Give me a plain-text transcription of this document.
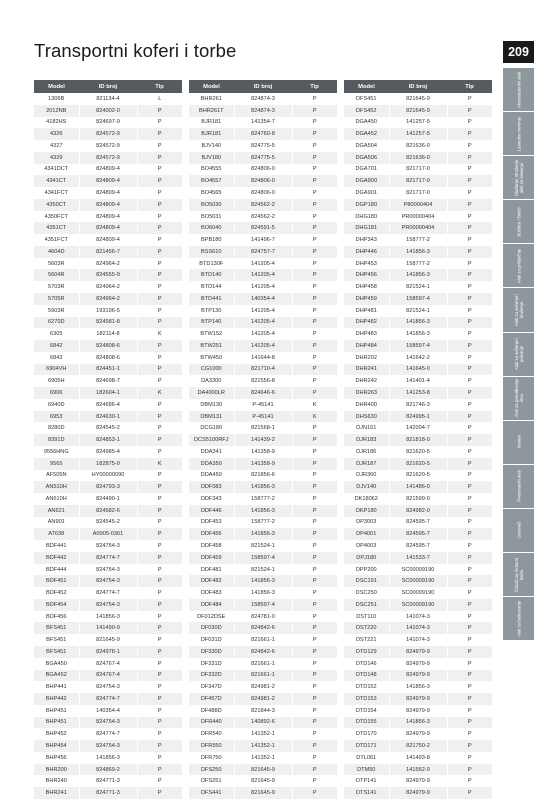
Transportni koferi i torbe	209
Model	ID broj	Tip
1306B	821134-4	L
2012NB	824002-0	P
4182HS	824697-9	P
4326	824572-9	P
4327	824572-9	P
4329	824572-9	P
4341DCT	824809-4	P
4341CT	824809-4	P
4341FCT	824809-4	P
4350CT	824809-4	P
4350FCT	824809-4	P
4351CT	824809-4	P
4351FCT	824809-4	P
4604D	821456-7	P
5603R	824964-2	P
5604R	824555-9	P
5703R	824964-2	P
5705R	824964-2	P
5903R	193196-5	P
6270D	824581-8	P
6305	182114-8	K
6842	824808-6	P
6843	824808-6	P
6904VH	824451-1	P
6905H	824698-7	P
6906	182604-1	K
6940D	824686-4	P
6953	824630-1	P
8280D	824545-2	P
8391D	824853-1	P
9556HNG	824985-4	P
9565	182875-0	K
AF505N	HY00000090	P
AN510H	824793-3	P
AN610H	824490-1	P
AN621	824582-6	P
AN901	824545-2	P
AT638	A0905-0361	P
BDF441	824754-3	P
BDF442	824774-7	P
BDF444	824754-3	P
BDF451	824754-3	P
BDF452	824774-7	P
BDF454	824754-3	P
BDF456	141856-3	P
BFS451	141490-9	P
BFS451	821645-9	P
BFS451	824978-1	P
BGA450	824767-4	P
BGA452	824767-4	P
BHP441	824754-3	P
BHP442	824774-7	P
BHP451	140354-4	P
BHP451	824754-3	P
BHP452	824774-7	P
BHP454	824754-3	P
BHP456	141856-3	P
BHR200	824869-2	P
BHR240	824771-3	P
BHR241	824771-3	P
Model	ID broj	Tip
BHR261	824874-3	P
BHR261T	824874-3	P
BJR181	141354-7	P
BJR181	824760-8	P
BJV140	824775-5	P
BJV180	824775-5	P
BO4555	824806-0	P
BO4557	824806-0	P
BO4565	824806-0	P
BO5030	824562-2	P
BO5031	824562-2	P
BO6040	824591-5	P
BPB180	141496-7	P
BSS610	824757-7	P
BTD130F	141205-4	P
BTD140	141205-4	P
BTD144	141205-4	P
BTD441	140354-4	P
BTP130	141205-4	P
BTP140	141205-4	P
BTW152	141205-4	P
BTW251	141205-4	P
BTW450	141644-8	P
CG1000	821710-4	P
DA3300	821556-8	P
DA4000LR	824646-6	P
DBM130	P-45141	K
DBM131	P-45141	K
DCG180	821568-1	P
DCS5100RFJ	141439-2	P
DDA341	141358-9	P
DDA350	141358-9	P
DDA450	821856-6	P
DDF083	141856-3	P
DDF343	158777-2	P
DDF446	141856-3	P
DDF453	158777-2	P
DDF456	141856-3	P
DDF458	821524-1	P
DDF459	158597-4	P
DDF481	821524-1	P
DDF482	141856-3	P
DDF483	141856-3	P
DDF484	158597-4	P
DF012DSE	824781-0	P
DF030D	824842-6	P
DF031D	821661-1	P
DF330D	824842-6	P
DF331D	821661-1	P
DF332D	821661-1	P
DF347D	824981-2	P
DF457D	824981-2	P
DF488D	821844-3	P
DFR440	140892-6	P
DFR540	141352-1	P
DFR550	141352-1	P
DFR750	141352-1	P
DFS250	821645-9	P
DFS251	821645-9	P
DFS441	821645-9	P
Model	ID broj	Tip
DFS451	821645-9	P
DFS452	821645-9	P
DGA450	141257-5	P
DGA452	141257-5	P
DGA504	821636-0	P
DGA506	821636-0	P
DGA701	821717-0	P
DGA900	821717-0	P
DGA901	821717-0	P
DGP180	P80000404	P
DHG180	PR00000404	P
DHG181	PR00000404	P
DHP343	158777-2	P
DHP446	141856-3	P
DHP453	158777-2	P
DHP456	141856-3	P
DHP458	821524-1	P
DHP459	158597-4	P
DHP481	821524-1	P
DHP482	141856-3	P
DHP483	141856-3	P
DHP484	158597-4	P
DHR202	141642-2	P
DHR241	141645-0	P
DHR242	141401-4	P
DHR263	141253-8	P
DHR400	821746-3	P
DHS630	824995-1	P
DJN161	142004-7	P
DJR183	821818-0	P
DJR186	821620-5	P
DJR187	821620-5	P
DJR360	821620-5	P
DJV140	141486-0	P
DK18062	821599-0	P
DKP180	824982-0	P
DP3003	824595-7	P
DP4001	824595-7	P
DP4003	824595-7	P
DPJ180	141533-7	P
DPP200	SC00009190	P
DSC191	SC00009190	P
DSC250	SC00009190	P
DSC251	SC00009190	P
DST110	141074-3	P
DST220	141074-3	P
DST221	141074-3	P
DTD129	824979-9	P
DTD146	824979-9	P
DTD148	824979-9	P
DTD152	141856-3	P
DTD153	824979-9	P
DTD154	824979-9	P
DTD155	141856-3	P
DTD170	824979-9	P
DTD171	821750-2	P
DTL061	141493-8	P
DTM50	141562-0	P
DTP141	824979-9	P
DTS141	824979-9	P
Akumulatorski alati
Lasersko merenje
Glodanje, Brušenje alati za klesanje
Bušilice / čekići
Alati za priključnje
Alati za sečenje i brušenje
Alati za sečenje i poliranje
Alati za prerađivanje lima
Testere
Pneumatski alati
Usisivači
Čistači za motorni baštu
Alati za baštovanje
